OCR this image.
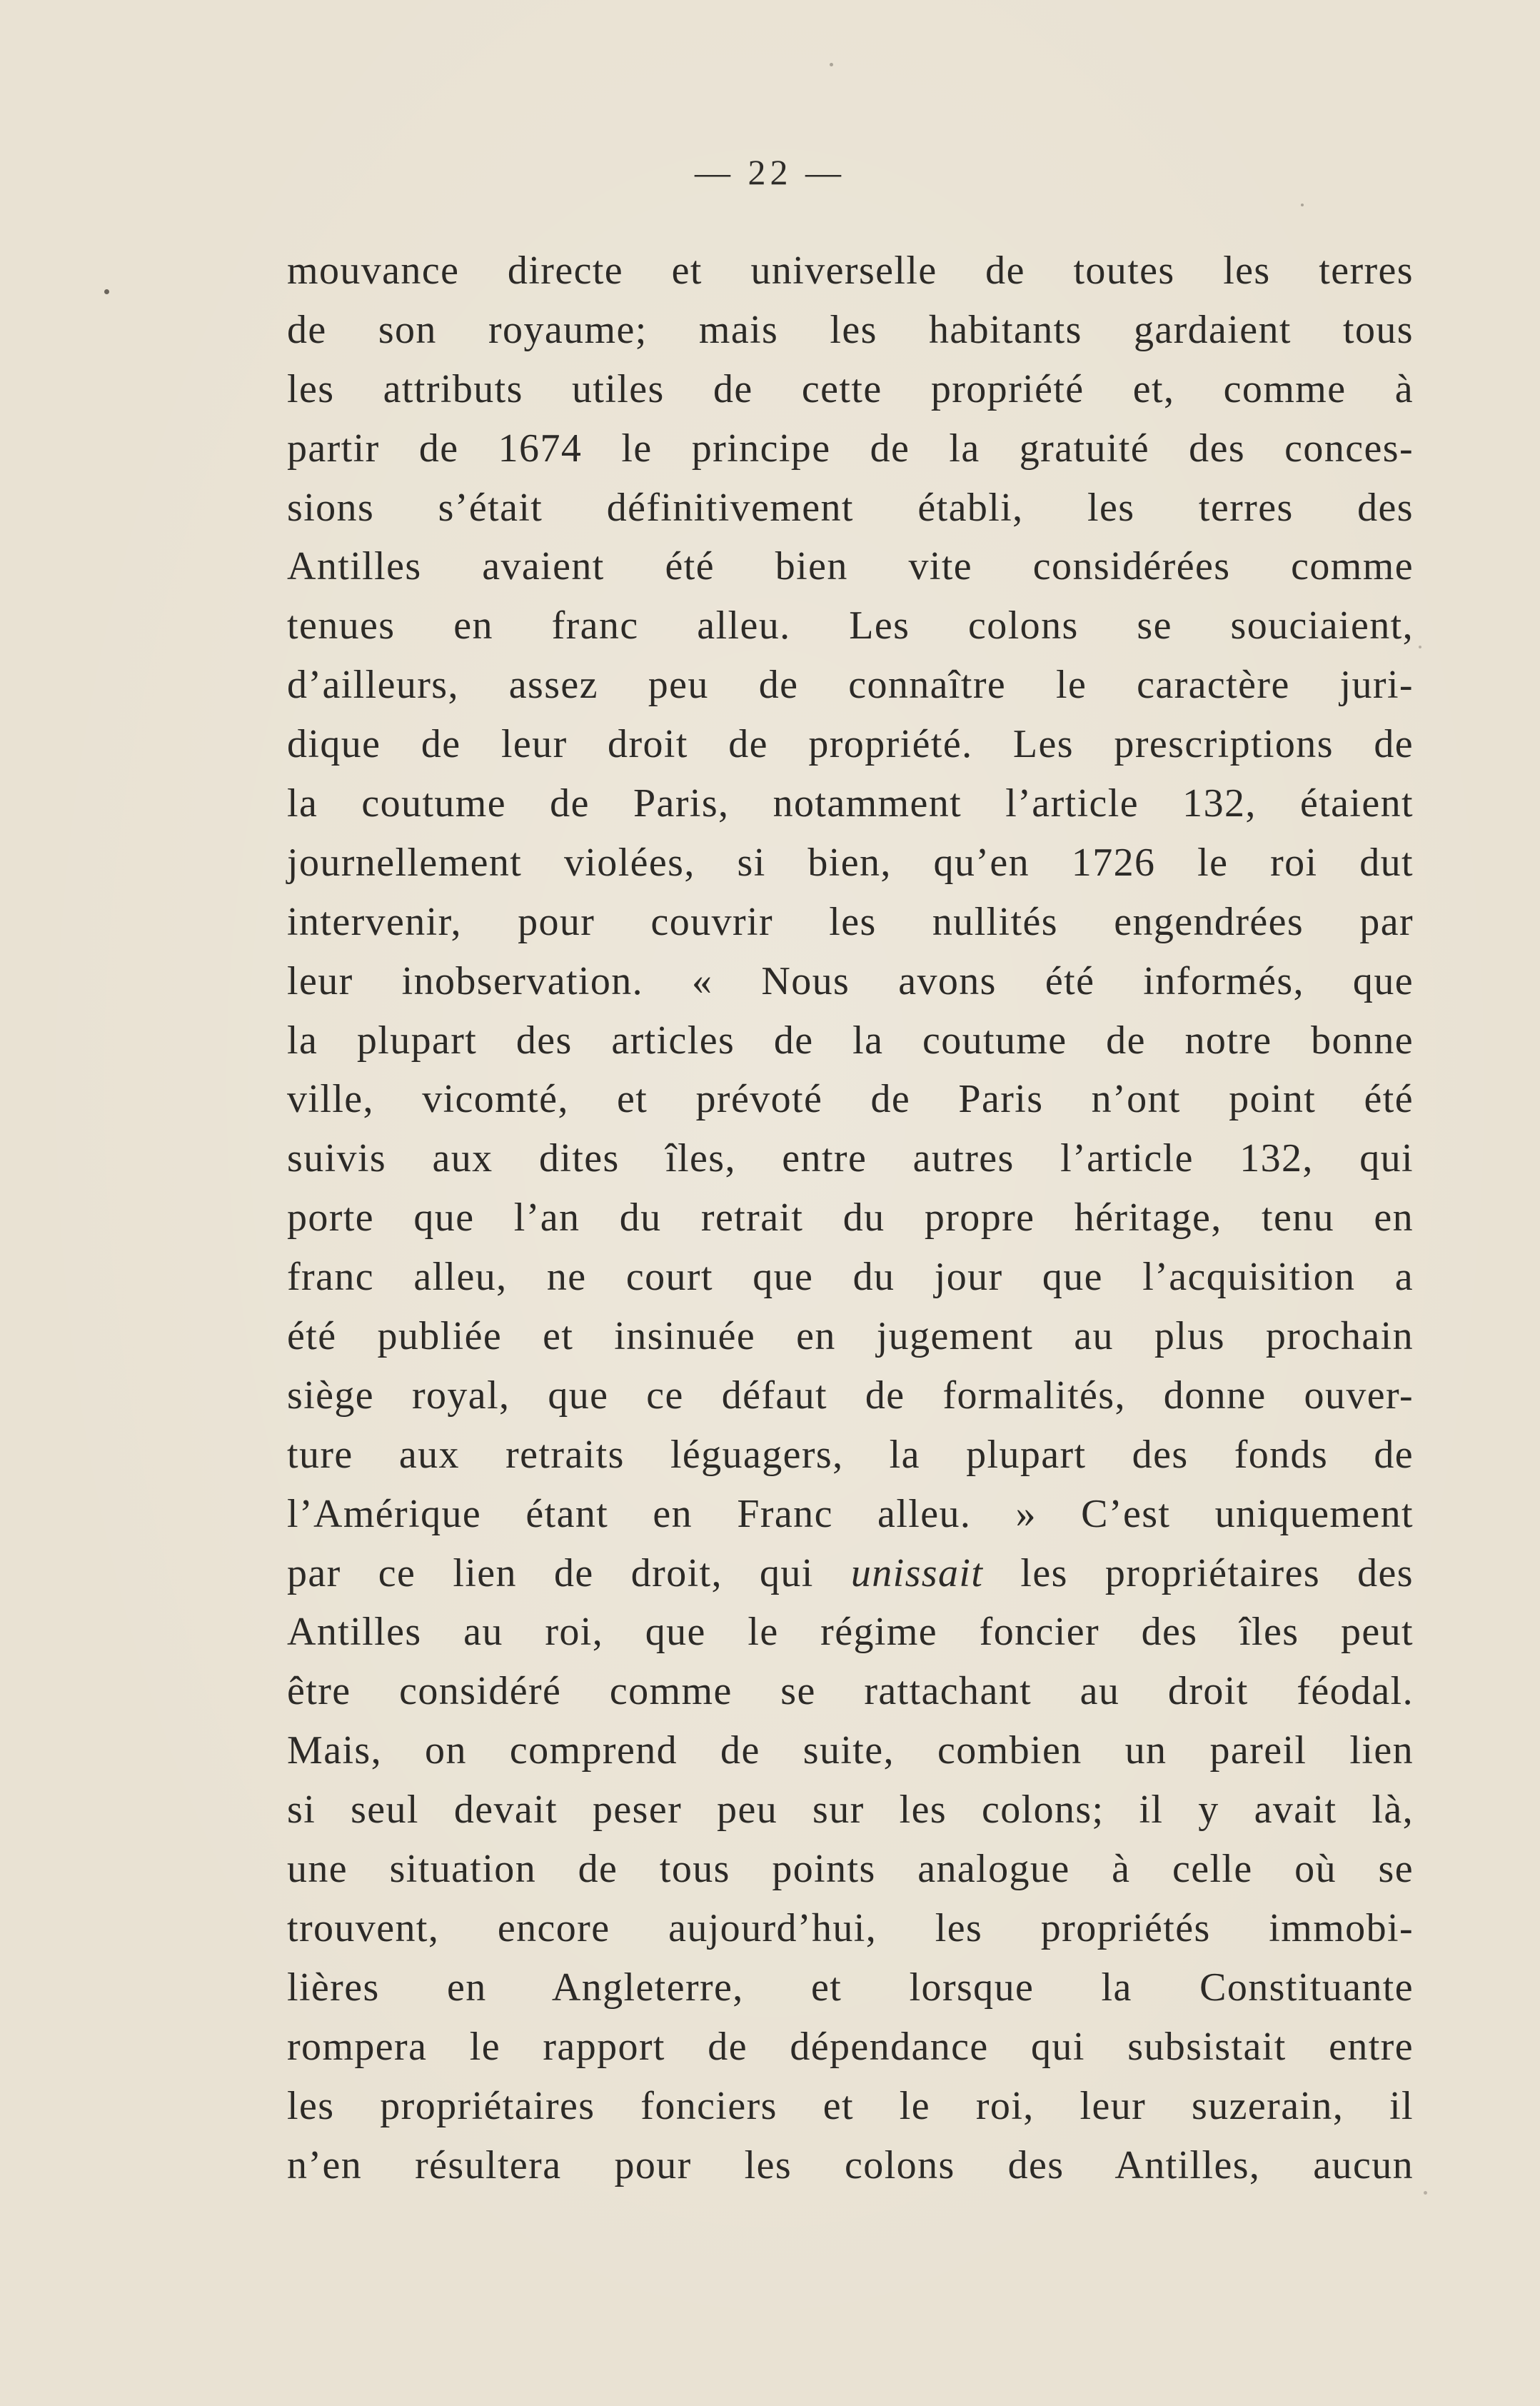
— 22 —
mouvance directe et universelle de toutes les terres
de son royaume; mais les habitants gardaient tous
les attributs utiles de cette propriété et, comme à
partir de 1674 le principe de la gratuité des conces-
sions s’était définitivement établi, les terres des
Antilles avaient été bien vite considérées comme
tenues en franc alleu. Les colons se souciaient,
d’ailleurs, assez peu de connaître le caractère juri-
dique de leur droit de propriété. Les prescriptions de
la coutume de Paris, notamment l’article 132, étaient
journellement violées, si bien, qu’en 1726 le roi dut
intervenir, pour couvrir les nullités engendrées par
leur inobservation. « Nous avons été informés, que
la plupart des articles de la coutume de notre bonne
ville, vicomté, et prévoté de Paris n’ont point été
suivis aux dites îles, entre autres l’article 132, qui
porte que l’an du retrait du propre héritage, tenu en
franc alleu, ne court que du jour que l’acquisition a
été publiée et insinuée en jugement au plus prochain
siège royal, que ce défaut de formalités, donne ouver-
ture aux retraits léguagers, la plupart des fonds de
l’Amérique étant en Franc alleu. » C’est uniquement
par ce lien de droit, qui unissait les propriétaires des
Antilles au roi, que le régime foncier des îles peut
être considéré comme se rattachant au droit féodal.
Mais, on comprend de suite, combien un pareil lien
si seul devait peser peu sur les colons; il y avait là,
une situation de tous points analogue à celle où se
trouvent, encore aujourd’hui, les propriétés immobi-
lières en Angleterre, et lorsque la Constituante
rompera le rapport de dépendance qui subsistait entre
les propriétaires fonciers et le roi, leur suzerain, il
n’en résultera pour les colons des Antilles, aucun
